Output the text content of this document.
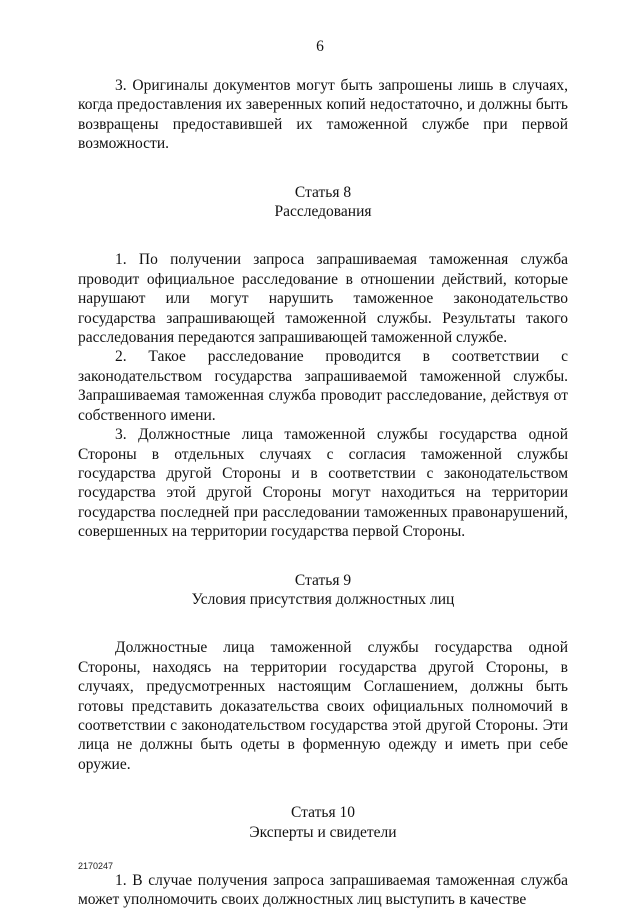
6

3. Оригиналы документов могут быть запрошены лишь в случаях, когда предоставления их заверенных копий недостаточно, и должны быть возвращены предоставившей их таможенной службе при первой возможности.

Статья 8

Расследования

1. По получении запроса запрашиваемая таможенная служба проводит официальное расследование в отношении действий, которые нарушают или могут нарушить таможенное законодательство государства запрашивающей таможенной службы. Результаты такого расследования передаются запрашивающей таможенной службе.

2. Такое расследование проводится в соответствии с законодательством государства запрашиваемой таможенной службы. Запрашиваемая таможенная служба проводит расследование, действуя от собственного имени.

3. Должностные лица таможенной службы государства одной Стороны в отдельных случаях с согласия таможенной службы государства другой Стороны и в соответствии с законодательством государства этой другой Стороны могут находиться на территории государства последней при расследовании таможенных правонарушений, совершенных на территории государства первой Стороны.

Статья 9

Условия присутствия должностных лиц

Должностные лица таможенной службы государства одной Стороны, находясь на территории государства другой Стороны, в случаях, предусмотренных настоящим Соглашением, должны быть готовы представить доказательства своих официальных полномочий в соответствии с законодательством государства этой другой Стороны. Эти лица не должны быть одеты в форменную одежду и иметь при себе оружие.

Статья 10

Эксперты и свидетели

1. В случае получения запроса запрашиваемая таможенная служба может уполномочить своих должностных лиц выступить в качестве

2170247
